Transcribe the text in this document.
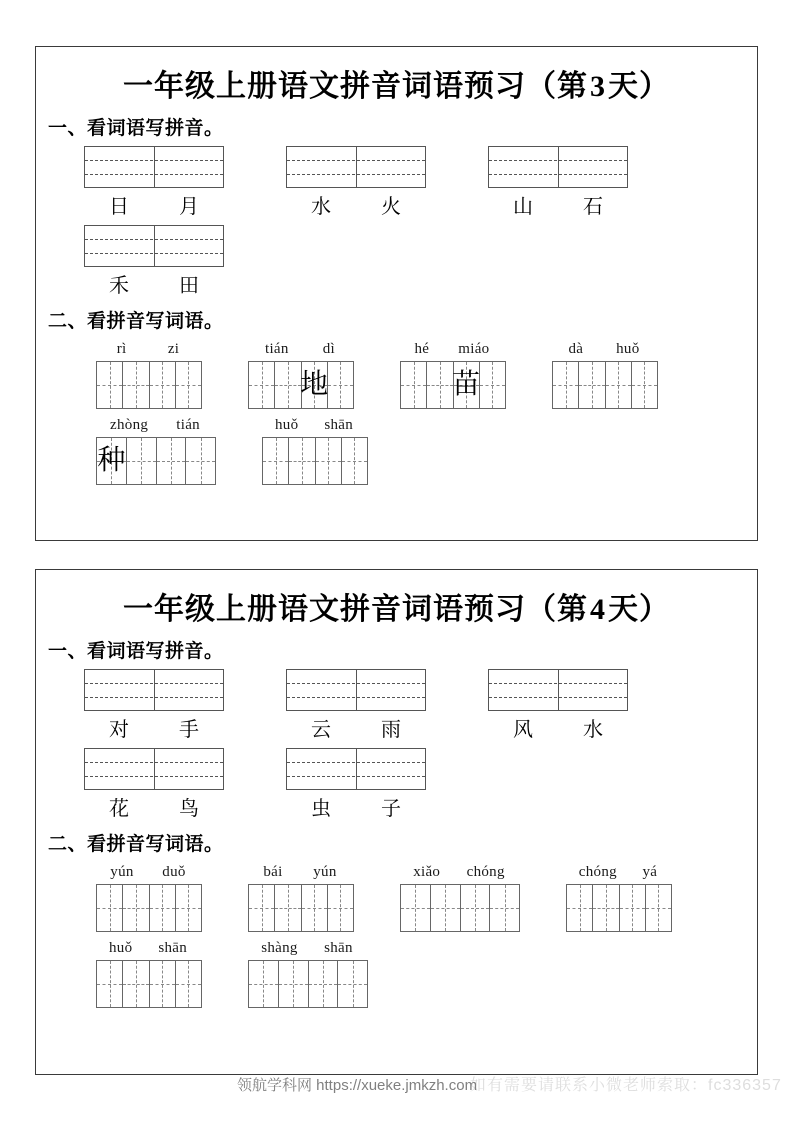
一年级上册语文拼音词语预习（第3天）
一、看词语写拼音。
日	月	水	火	山	石
禾	田
二、看拼音写词语。
rì	zi	tián dì
地
hé miáo
苗
dà huǒ
zhòng tián
种
huǒ shān
一年级上册语文拼音词语预习（第4天）
一、看词语写拼音。
对	手	云	雨	风	水
花	鸟	虫	子
二、看拼音写词语。
yún duǒ	bái yún	xiǎo chóng	chóng yá
huǒ shān	shàng shān
如有需要请联系小微老师索取：fc336357
领航学科网 https://xueke.jmkzh.com
